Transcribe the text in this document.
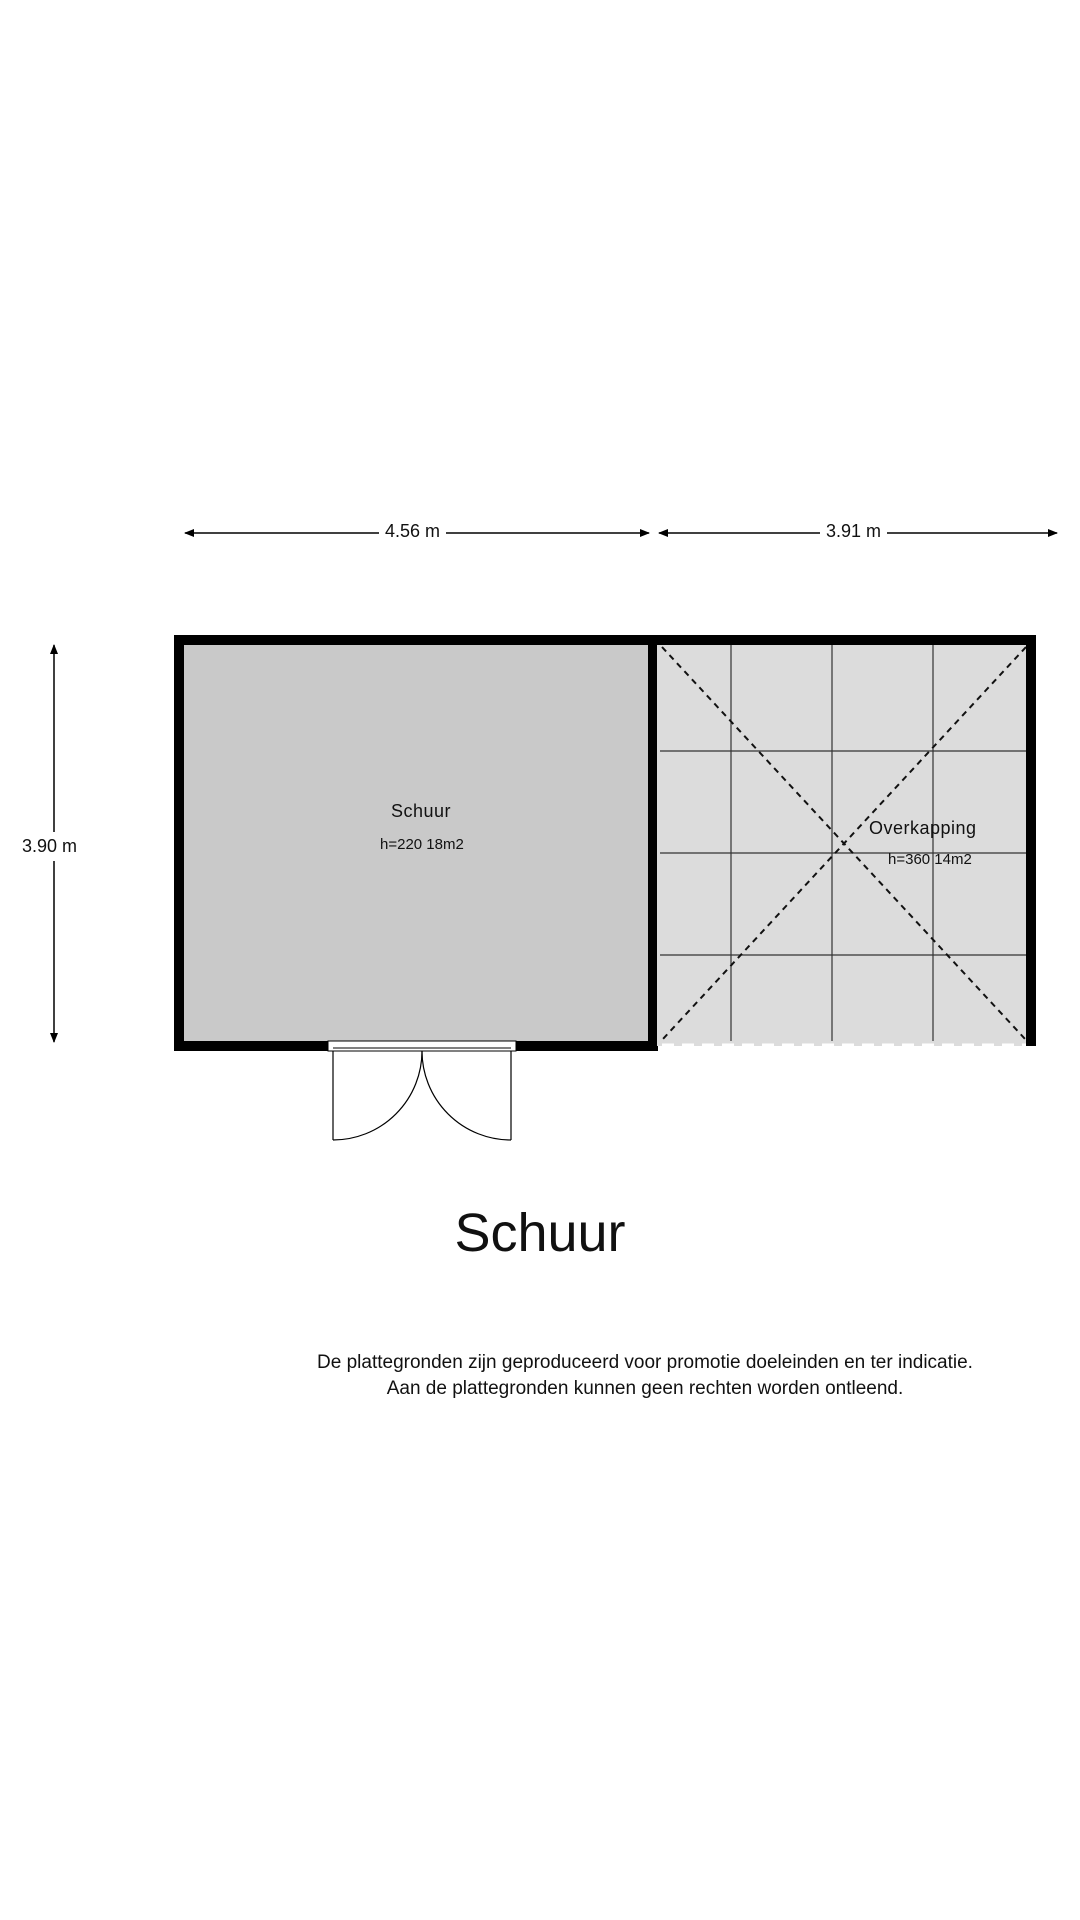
4.56 m	3.91 m
3.90 m
Schuur
h=220 18m2
Overkapping
h=360 14m2
Schuur
De plattegronden zijn geproduceerd voor promotie doeleinden en ter indicatie.
Aan de plattegronden kunnen geen rechten worden ontleend.
